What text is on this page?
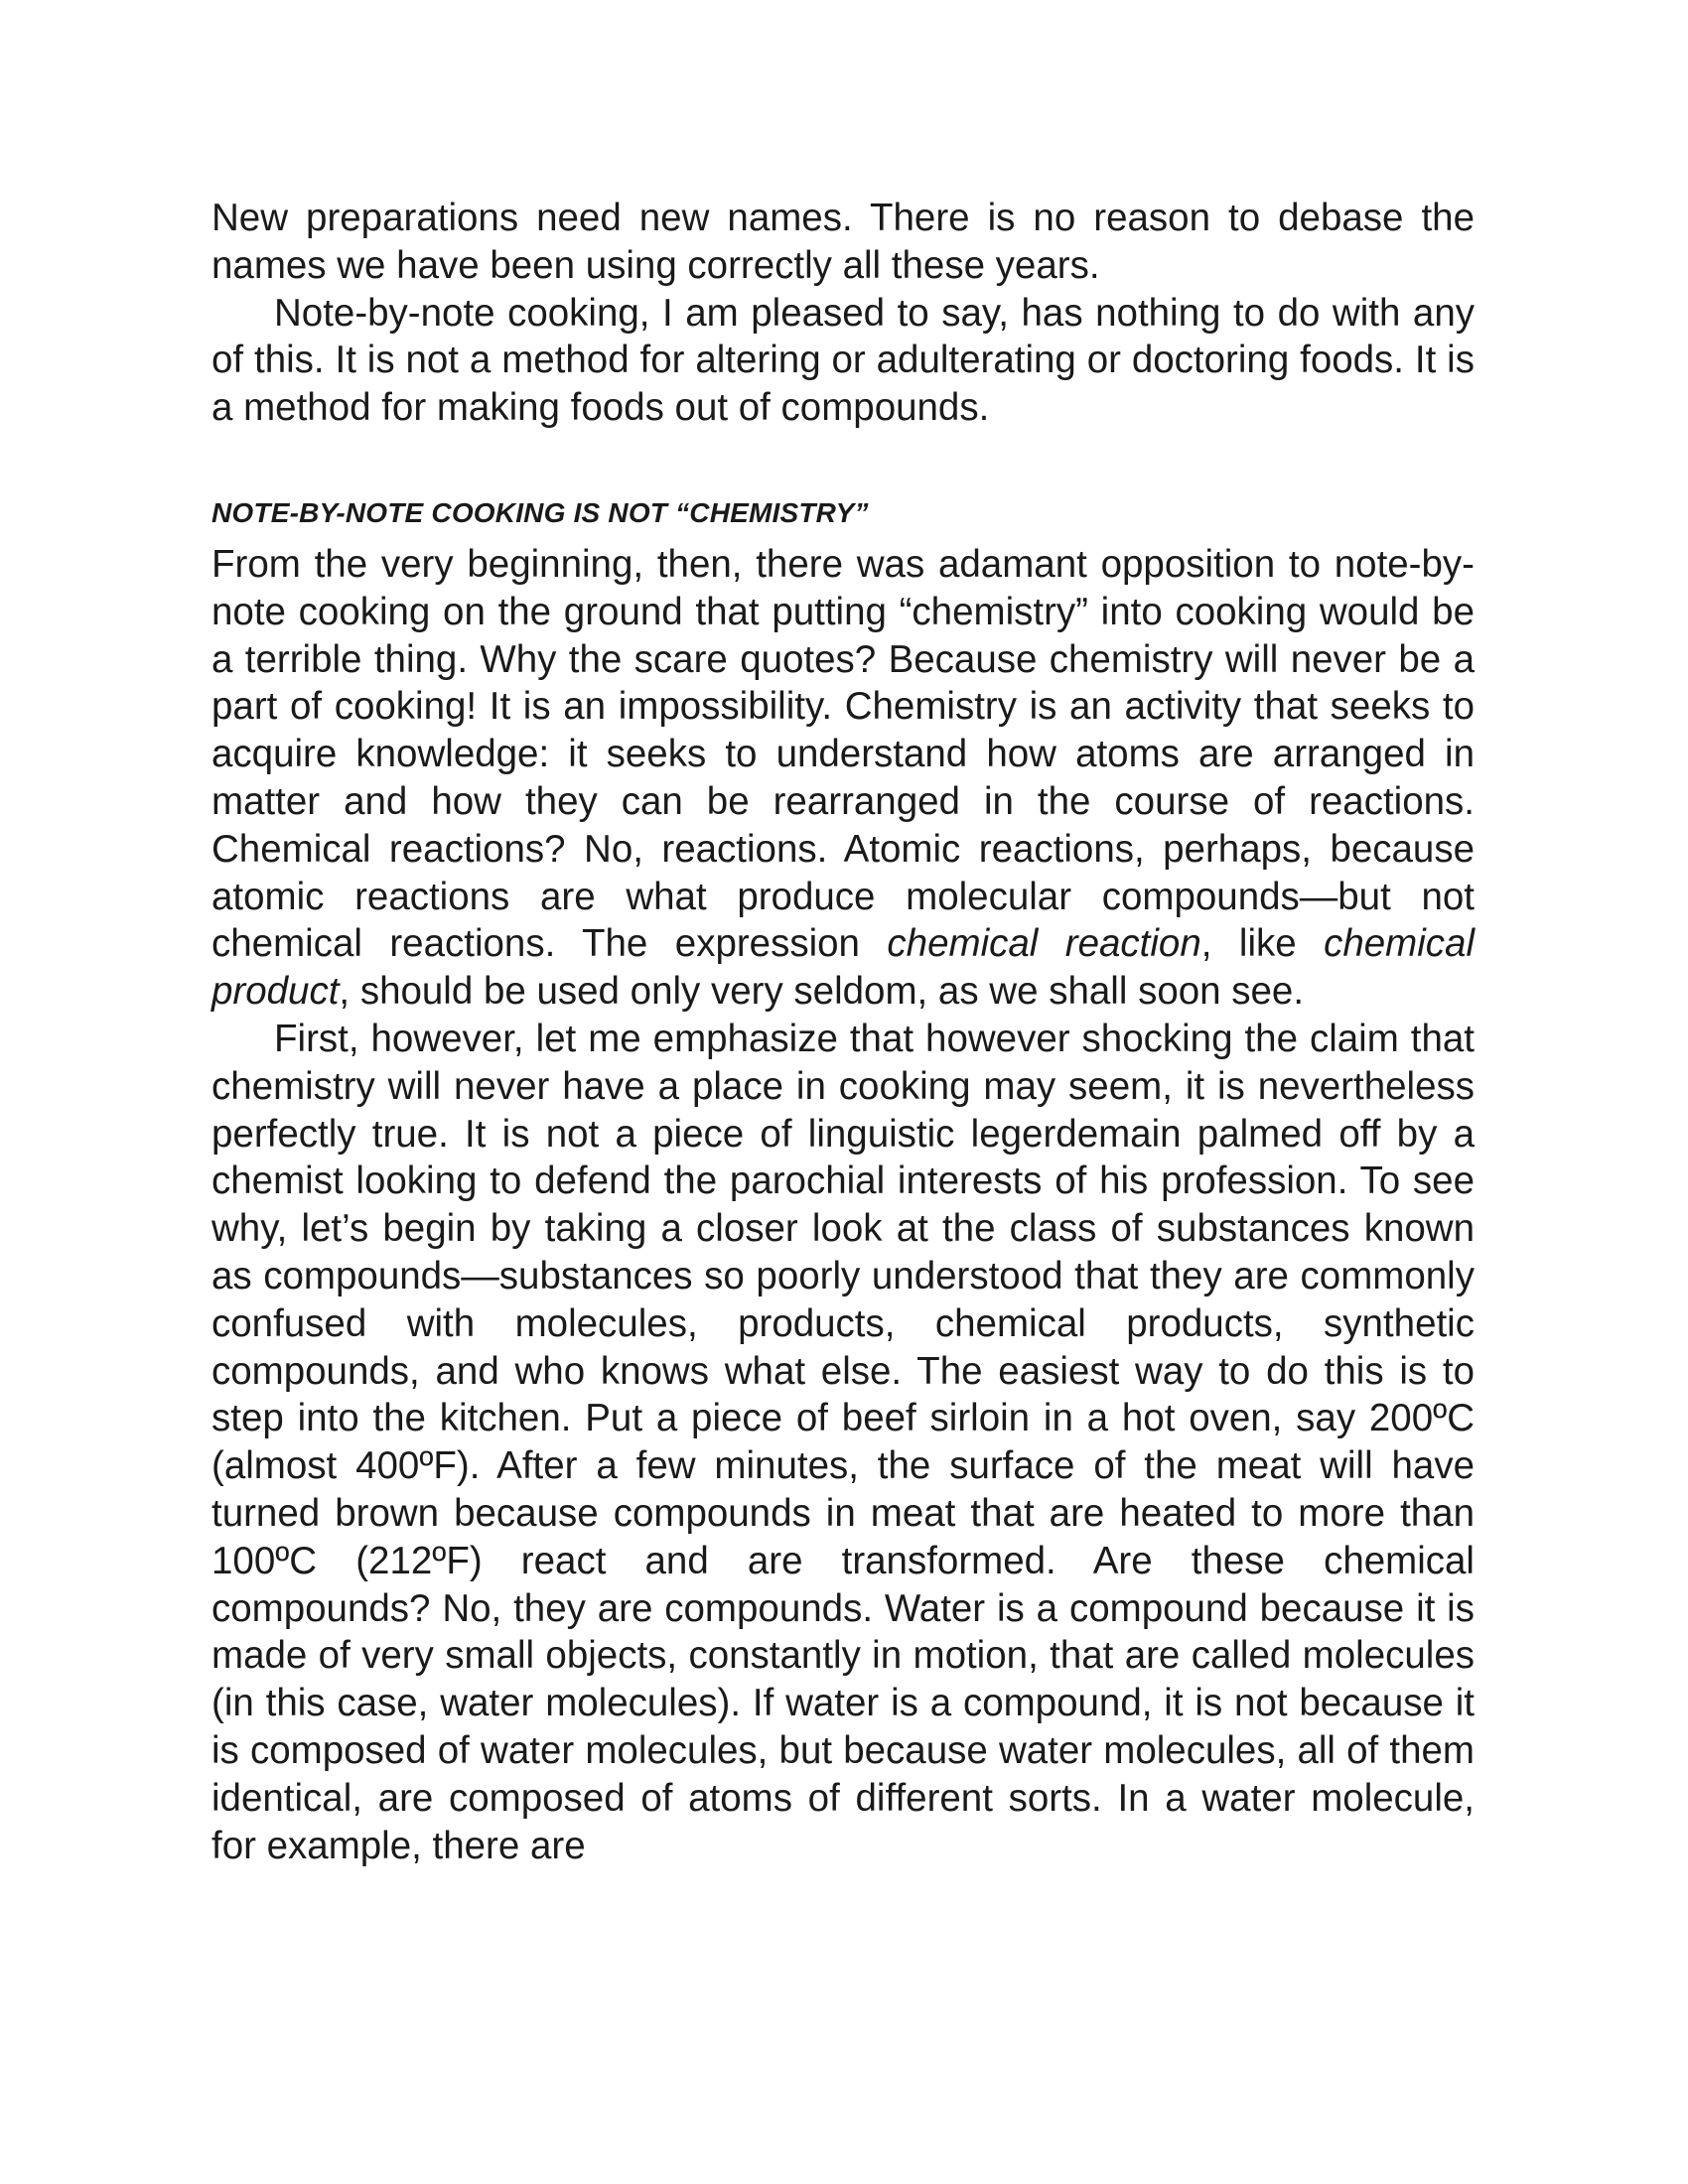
New preparations need new names. There is no reason to debase the names we have been using correctly all these years.

Note-by-note cooking, I am pleased to say, has nothing to do with any of this. It is not a method for altering or adulterating or doctoring foods. It is a method for making foods out of compounds.

NOTE-BY-NOTE COOKING IS NOT “CHEMISTRY”

From the very beginning, then, there was adamant opposition to note-by-note cooking on the ground that putting “chemistry” into cooking would be a terrible thing. Why the scare quotes? Because chemistry will never be a part of cooking! It is an impossibility. Chemistry is an activity that seeks to acquire knowledge: it seeks to understand how atoms are arranged in matter and how they can be rearranged in the course of reactions. Chemical reactions? No, reactions. Atomic reactions, perhaps, because atomic reactions are what produce molecular compounds—but not chemical reactions. The expression chemical reaction, like chemical product, should be used only very seldom, as we shall soon see.

First, however, let me emphasize that however shocking the claim that chemistry will never have a place in cooking may seem, it is nevertheless perfectly true. It is not a piece of linguistic legerdemain palmed off by a chemist looking to defend the parochial interests of his profession. To see why, let’s begin by taking a closer look at the class of substances known as compounds—substances so poorly understood that they are commonly confused with molecules, products, chemical products, synthetic compounds, and who knows what else. The easiest way to do this is to step into the kitchen. Put a piece of beef sirloin in a hot oven, say 200ºC (almost 400ºF). After a few minutes, the surface of the meat will have turned brown because compounds in meat that are heated to more than 100ºC (212ºF) react and are transformed. Are these chemical compounds? No, they are compounds. Water is a compound because it is made of very small objects, constantly in motion, that are called molecules (in this case, water molecules). If water is a compound, it is not because it is composed of water molecules, but because water molecules, all of them identical, are composed of atoms of different sorts. In a water molecule, for example, there are
